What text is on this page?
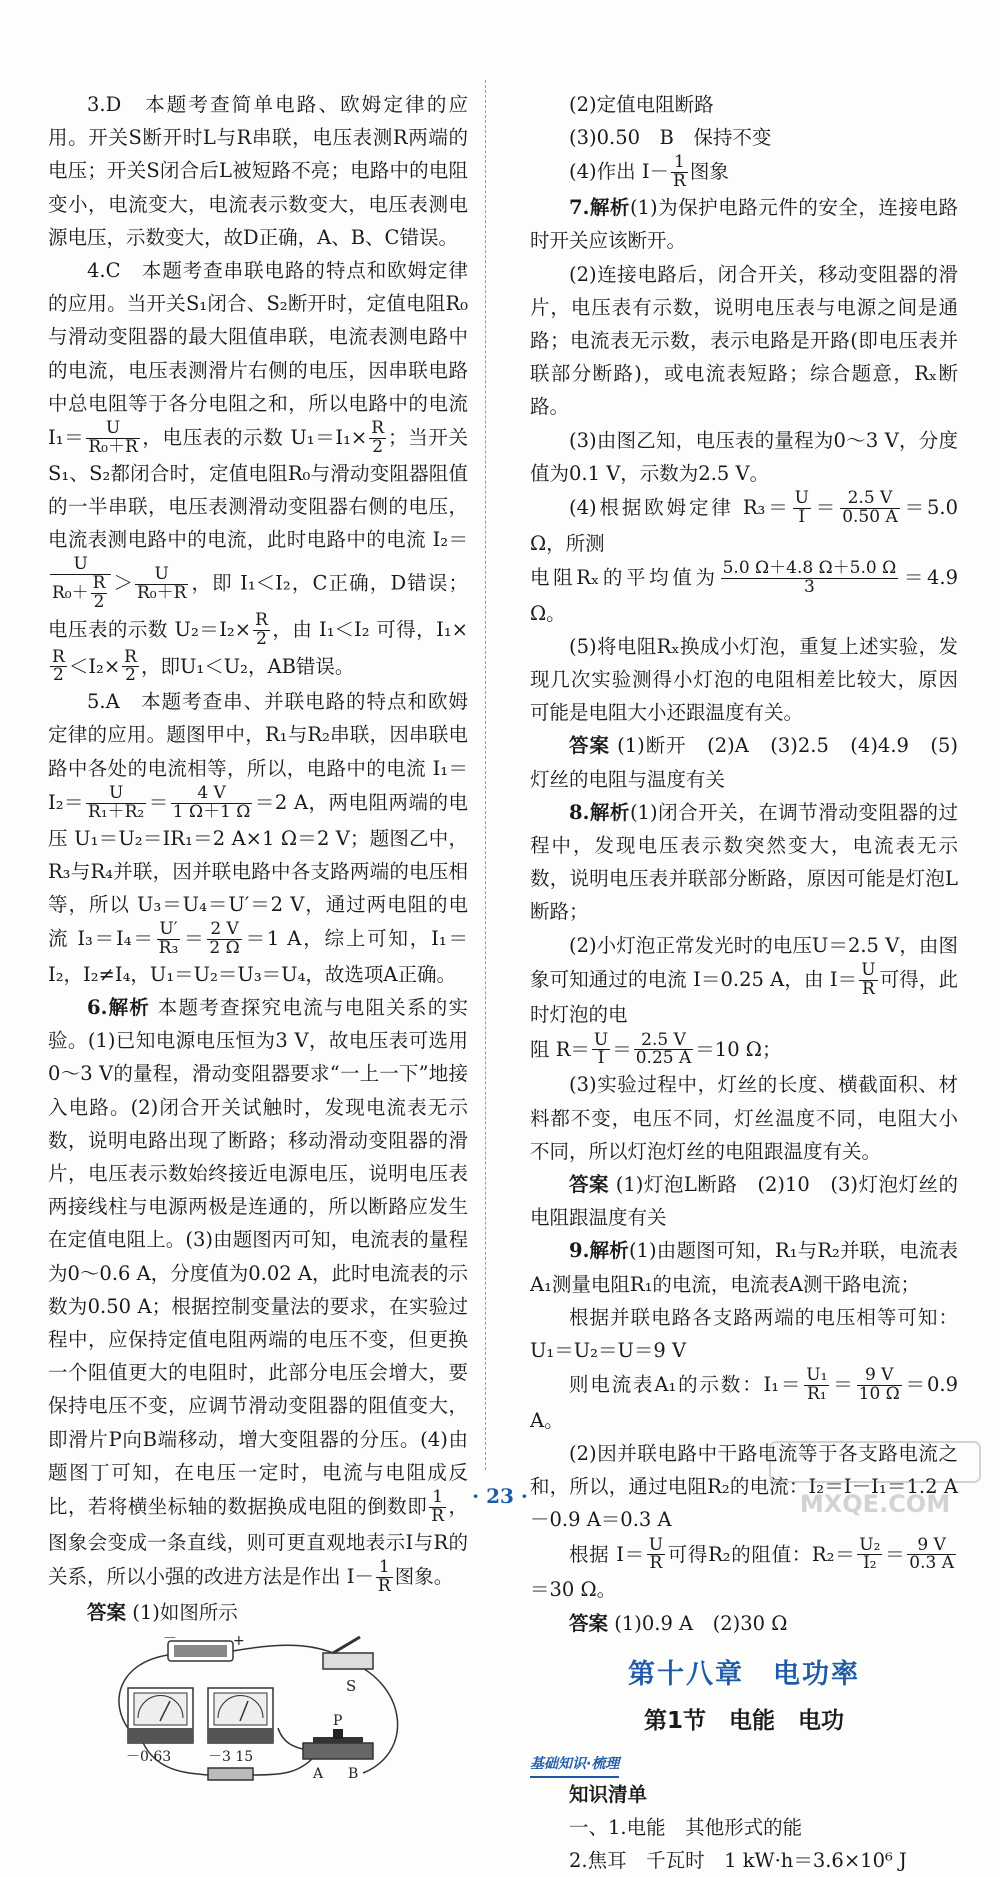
3.D　本题考查简单电路、欧姆定律的应用。开关S断开时L与R串联，电压表测R两端的电压；开关S闭合后L被短路不亮；电路中的电阻变小，电流变大，电流表示数变大，电压表测电源电压，示数变大，故D正确，A、B、C错误。

4.C　本题考查串联电路的特点和欧姆定律的应用。当开关S₁闭合、S₂断开时，定值电阻R₀与滑动变阻器的最大阻值串联，电流表测电路中的电流，电压表测滑片右侧的电压，因串联电路中总电阻等于各分电阻之和，所以电路中的电流 $I_1= \frac{U}{\text{R₀＋R}}$ ，电压表的示数 $U_1=I_1\times \frac{R}{2}$ ；当开关S₁、S₂都闭合时，定值电阻R₀与滑动变阻器阻值的一半串联，电压表测滑动变阻器右侧的电压，电流表测电路中的电流，此时电路中的电流 I₂＝
$\frac{U}{R_0+ \frac{R}{2}} > \frac{U}{\text{R₀＋R}}$ ，即 I₁＜I₂，C正确，D错误；电压表的示数 $U_2=I_2\times \frac{R}{2}$ ，由 I₁＜I₂ 可得，I₁×
$\frac{R}{2} <I_2\times \frac{R}{2}$ ，即U₁＜U₂，AB错误。

5.A　本题考查串、并联电路的特点和欧姆定律的应用。题图甲中，R₁与R₂串联，因串联电路中各处的电流相等，所以，电路中的电流 $I_1=I_2= \frac{U}{\text{R₁＋R₂}} = \frac{4 V}{1 \Omega+1 \Omega} =2$ A，两电阻两端的电压 U₁＝U₂＝IR₁＝2 A×1 Ω＝2 V；题图乙中，R₃与R₄并联，因并联电路中各支路两端的电压相等，所以 U₃＝U₄＝U′＝2 V，通过两电阻的电流 $I_3=I_4= \frac{U'}{\text{R₃}} = \frac{2 V}{2 \Omega} =1$ A，综上可知，I₁＝I₂，I₂≠I₄，U₁＝U₂＝U₃＝U₄，故选项A正确。

6.解析 本题考查探究电流与电阻关系的实验。(1)已知电源电压恒为3 V，故电压表可选用0～3 V的量程，滑动变阻器要求“一上一下”地接入电路。(2)闭合开关试触时，发现电流表无示数，说明电路出现了断路；移动滑动变阻器的滑片，电压表示数始终接近电源电压，说明电压表两接线柱与电源两极是连通的，所以断路应发生在定值电阻上。(3)由题图丙可知，电流表的量程为0～0.6 A，分度值为0.02 A，此时电流表的示数为0.50 A；根据控制变量法的要求，在实验过程中，应保持定值电阻两端的电压不变，但更换一个阻值更大的电阻时，此部分电压会增大，要保持电压不变，应调节滑动变阻器的阻值变大，即滑片P向B端移动，增大变阻器的分压。(4)由题图丁可知，在电压一定时，电流与电阻成反比，若将横坐标轴的数据换成电阻的倒数即 $\frac{1}{R}$ ，图象会变成一条直线，则可更直观地表示I与R的关系，所以小强的改进方法是作出 $I- \frac{1}{R}$ 图象。

答案 (1)如图所示

－	+
S
－0.63	－3 15
P
A B

(2)定值电阻断路

(3)0.50　B　保持不变

(4)作出 $I- \frac{1}{R}$ 图象

7.解析(1)为保护电路元件的安全，连接电路时开关应该断开。

(2)连接电路后，闭合开关，移动变阻器的滑片，电压表有示数，说明电压表与电源之间是通路；电流表无示数，表示电路是开路(即电压表并联部分断路)，或电流表短路；综合题意，Rₓ断路。

(3)由图乙知，电压表的量程为0～3 V，分度值为0.1 V，示数为2.5 V。

(4)根据欧姆定律 $R_3= \frac{U}{I} = \frac{2.5 V}{0.50 A} =5.0$ Ω，所测

电阻Rₓ的平均值为 $\frac{5.0 \Omega+4.8 \Omega+5.0 \Omega}{3} =4.9$ Ω。

(5)将电阻Rₓ换成小灯泡，重复上述实验，发现几次实验测得小灯泡的电阻相差比较大，原因可能是电阻大小还跟温度有关。

答案 (1)断开　(2)A　(3)2.5　(4)4.9　(5)灯丝的电阻与温度有关

8.解析(1)闭合开关，在调节滑动变阻器的过程中，发现电压表示数突然变大，电流表无示数，说明电压表并联部分断路，原因可能是灯泡L断路；

(2)小灯泡正常发光时的电压U＝2.5 V，由图象可知通过的电流 I＝0.25 A，由 $I= \frac{U}{R}$ 可得，此时灯泡的电

阻 $R= \frac{U}{I} = \frac{2.5 V}{0.25 A} =10$ Ω；

(3)实验过程中，灯丝的长度、横截面积、材料都不变，电压不同，灯丝温度不同，电阻大小不同，所以灯泡灯丝的电阻跟温度有关。

答案 (1)灯泡L断路　(2)10　(3)灯泡灯丝的电阻跟温度有关

9.解析(1)由题图可知，R₁与R₂并联，电流表A₁测量电阻R₁的电流，电流表A测干路电流；

根据并联电路各支路两端的电压相等可知：U₁＝U₂＝U＝9 V

则电流表A₁的示数：$I_1= \frac{\text{U₁}}{\text{R₁}} = \frac{9 V}{10 \Omega} =0.9$ A。

(2)因并联电路中干路电流等于各支路电流之和，所以，通过电阻R₂的电流：I₂＝I－I₁＝1.2 A－0.9 A＝0.3 A

根据 $I= \frac{U}{R}$ 可得R₂的阻值：$R_2= \frac{\text{U₂}}{\text{I₂}} = \frac{9 V}{0.3 A}$
＝30 Ω。

答案 (1)0.9 A　(2)30 Ω

第十八章　电功率
第1节　电能　电功
基础知识·梳理

知识清单

一、1.电能　其他形式的能

2.焦耳　千瓦时　1 kW·h＝3.6×10⁶ J

· 23 ·	MXQE.COM
